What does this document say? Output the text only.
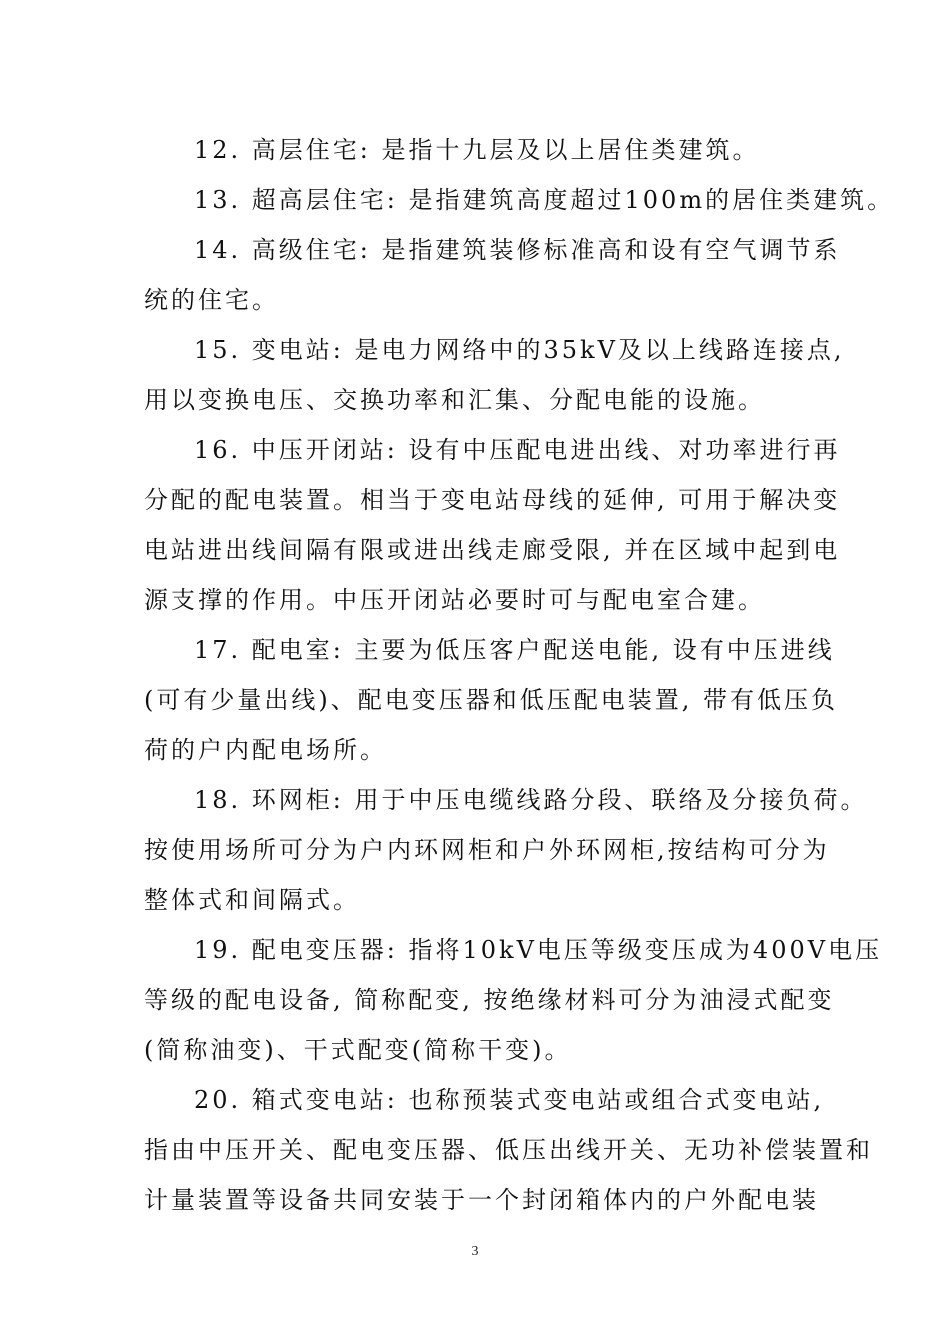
12. 高层住宅: 是指十九层及以上居住类建筑。
13. 超高层住宅: 是指建筑高度超过100m的居住类建筑。
14. 高级住宅: 是指建筑装修标准高和设有空气调节系
统的住宅。
15. 变电站: 是电力网络中的35kV及以上线路连接点,
用以变换电压、交换功率和汇集、分配电能的设施。
16. 中压开闭站: 设有中压配电进出线、对功率进行再
分配的配电装置。相当于变电站母线的延伸, 可用于解决变
电站进出线间隔有限或进出线走廊受限, 并在区域中起到电
源支撑的作用。中压开闭站必要时可与配电室合建。
17. 配电室: 主要为低压客户配送电能, 设有中压进线
(可有少量出线)、配电变压器和低压配电装置, 带有低压负
荷的户内配电场所。
18. 环网柜: 用于中压电缆线路分段、联络及分接负荷。
按使用场所可分为户内环网柜和户外环网柜,按结构可分为
整体式和间隔式。
19. 配电变压器: 指将10kV电压等级变压成为400V电压
等级的配电设备, 简称配变, 按绝缘材料可分为油浸式配变
(简称油变)、干式配变(简称干变)。
20. 箱式变电站: 也称预装式变电站或组合式变电站,
指由中压开关、配电变压器、低压出线开关、无功补偿装置和
计量装置等设备共同安装于一个封闭箱体内的户外配电装
3
